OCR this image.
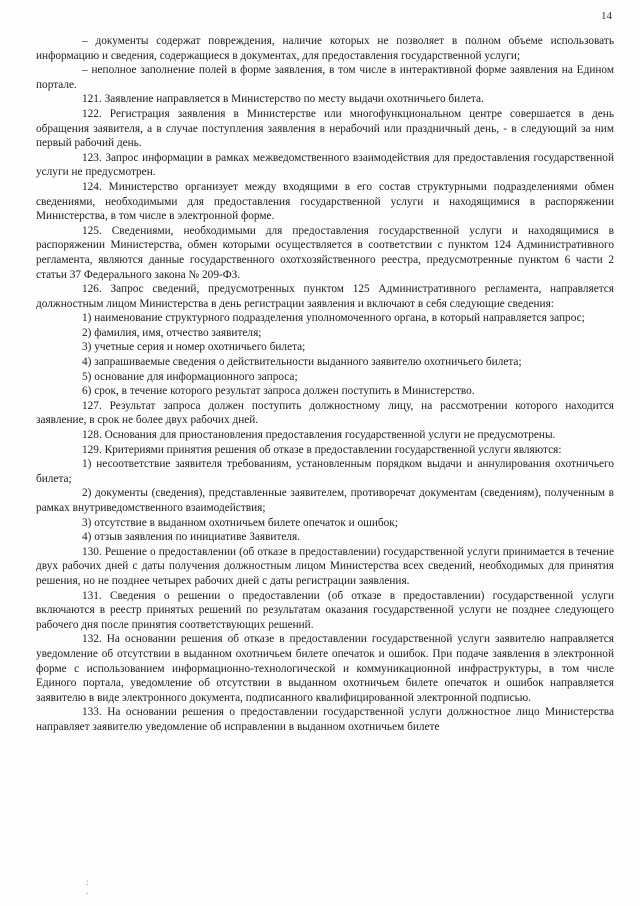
14

– документы содержат повреждения, наличие которых не позволяет в полном объеме использовать информацию и сведения, содержащиеся в документах, для предоставления государственной услуги;

– неполное заполнение полей в форме заявления, в том числе в интерактивной форме заявления на Едином портале.

121. Заявление направляется в Министерство по месту выдачи охотничьего билета.

122. Регистрация заявления в Министерстве или многофункциональном центре совершается в день обращения заявителя, а в случае поступления заявления в нерабочий или праздничный день, - в следующий за ним первый рабочий день.

123. Запрос информации в рамках межведомственного взаимодействия для предоставления государственной услуги не предусмотрен.

124. Министерство организует между входящими в его состав структурными подразделениями обмен сведениями, необходимыми для предоставления государственной услуги и находящимися в распоряжении Министерства, в том числе в электронной форме.

125. Сведениями, необходимыми для предоставления государственной услуги и находящимися в распоряжении Министерства, обмен которыми осуществляется в соответствии с пунктом 124 Административного регламента, являются данные государственного охотхозяйственного реестра, предусмотренные пунктом 6 части 2 статьи 37 Федерального закона № 209-ФЗ.

126. Запрос сведений, предусмотренных пунктом 125 Административного регламента, направляется должностным лицом Министерства в день регистрации заявления и включают в себя следующие сведения:

1) наименование структурного подразделения уполномоченного органа, в который направляется запрос;

2) фамилия, имя, отчество заявителя;

3) учетные серия и номер охотничьего билета;

4) запрашиваемые сведения о действительности выданного заявителю охотничьего билета;

5) основание для информационного запроса;

6) срок, в течение которого результат запроса должен поступить в Министерство.

127. Результат запроса должен поступить должностному лицу, на рассмотрении которого находится заявление, в срок не более двух рабочих дней.

128. Основания для приостановления предоставления государственной услуги не предусмотрены.

129. Критериями принятия решения об отказе в предоставлении государственной услуги являются:

1) несоответствие заявителя требованиям, установленным порядком выдачи и аннулирования охотничьего билета;

2) документы (сведения), представленные заявителем, противоречат документам (сведениям), полученным в рамках внутриведомственного взаимодействия;

3) отсутствие в выданном охотничьем билете опечаток и ошибок;

4) отзыв заявления по инициативе Заявителя.

130. Решение о предоставлении (об отказе в предоставлении) государственной услуги принимается в течение двух рабочих дней с даты получения должностным лицом Министерства всех сведений, необходимых для принятия решения, но не позднее четырех рабочих дней с даты регистрации заявления.

131. Сведения о решении о предоставлении (об отказе в предоставлении) государственной услуги включаются в реестр принятых решений по результатам оказания государственной услуги не позднее следующего рабочего дня после принятия соответствующих решений.

132. На основании решения об отказе в предоставлении государственной услуги заявителю направляется уведомление об отсутствии в выданном охотничьем билете опечаток и ошибок. При подаче заявления в электронной форме с использованием информационно-технологической и коммуникационной инфраструктуры, в том числе Единого портала, уведомление об отсутствии в выданном охотничьем билете опечаток и ошибок направляется заявителю в виде электронного документа, подписанного квалифицированной электронной подписью.

133. На основании решения о предоставлении государственной услуги должностное лицо Министерства направляет заявителю уведомление об исправлении в выданном охотничьем билете

:
.
